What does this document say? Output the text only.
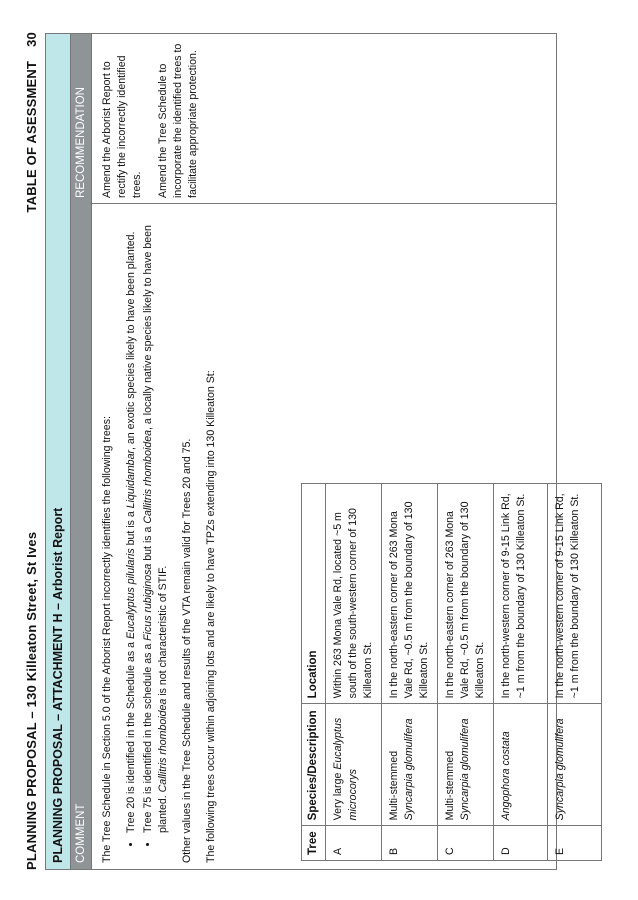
PLANNING PROPOSAL – 130 Killeaton Street, St Ives
TABLE OF ASESSMENT30
PLANNING PROPOSAL – ATTACHMENT H – Arborist Report COMMENT
RECOMMENDATION

The Tree Schedule in Section 5.0 of the Arborist Report incorrectly identifies the following trees: • Tree 20 is identified in the Schedule as a Eucalyptus pilularis but is a Liquidambar, an exotic species likely to have been planted.
• Tree 75 is identified in the schedule as a Ficus rubiginosa but is a Callitris rhomboidea, a locally native species likely to have been planted. Callitris rhomboidea is not characteristic of STIF. Other values in the Tree Schedule and results of the VTA remain valid for Trees 20 and 75. The following trees occur within adjoining lots and are likely to have TPZs extending into 130 Killeaton St:

Amend the Arborist Report to rectify the incorrectly identified trees. Amend the Tree Schedule to incorporate the identified trees to facilitate appropriate protection.

Tree	Species/Description	Location
A	Very large Eucalyptus microcorys	Within 263 Mona Vale Rd, located ~5 m south of the south-western corner of 130 Killeaton St.
B	Multi-stemmed Syncarpia glomulifera	In the north-eastern corner of 263 Mona Vale Rd, ~0.5 m from the boundary of 130 Killeaton St.
C	Multi-stemmed Syncarpia glomulifera	In the north-eastern corner of 263 Mona Vale Rd, ~0.5 m from the boundary of 130 Killeaton St.
D	Angophora costata	In the north-western corner of 9-15 Link Rd, ~1 m from the boundary of 130 Killeaton St.
E	Syncarpia glomulifera	In the north-western corner of 9-15 Link Rd, ~1 m from the boundary of 130 Killeaton St.
